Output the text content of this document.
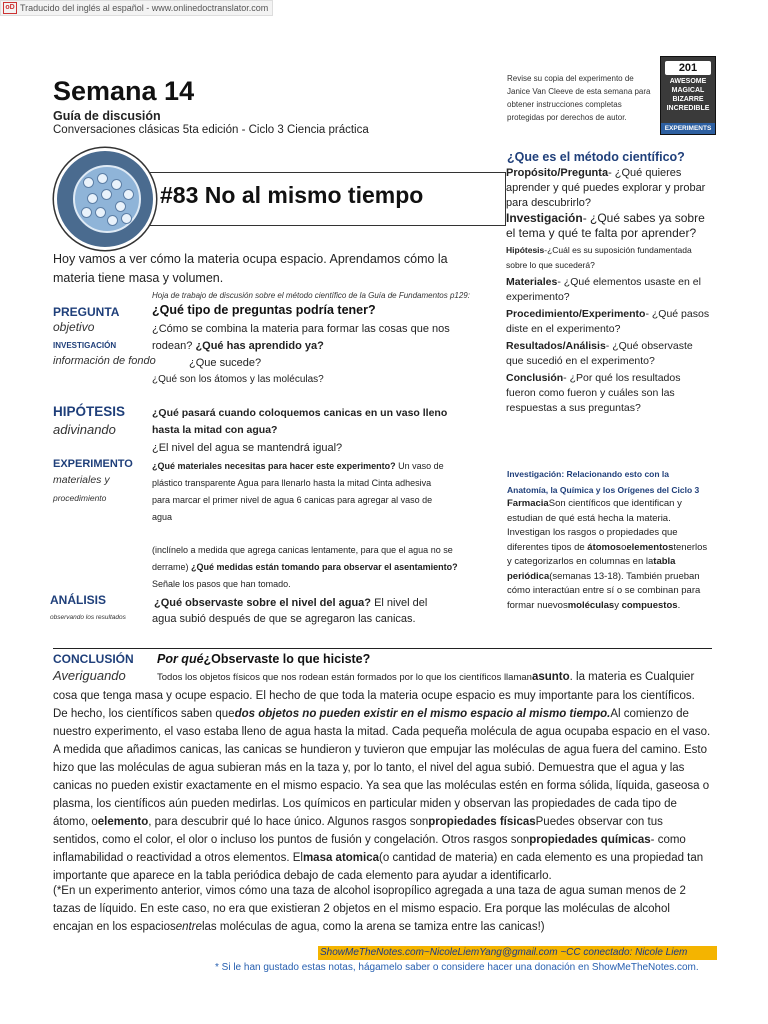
oD Traducido del inglés al español - www.onlinedoctranslator.com
Semana 14
Guía de discusión
Conversaciones clásicas 5ta edición - Ciclo 3 Ciencia práctica
#83 No al mismo tiempo
Revise su copia del experimento de Janice Van Cleeve de esta semana para obtener instrucciones completas protegidas por derechos de autor.
201
AWESOME MAGICAL BIZARRE INCREDIBLE
EXPERIMENTS
Hoy vamos a ver cómo la materia ocupa espacio. Aprendamos cómo la materia tiene masa y volumen.
Hoja de trabajo de discusión sobre el método científico de la Guía de Fundamentos p129:
PREGUNTA
objetivo
INVESTIGACIÓN
información de fondo
¿Qué tipo de preguntas podría tener?
¿Cómo se combina la materia para formar las cosas que nos
rodean? ¿Qué has aprendido ya?
¿Que sucede?
¿Qué son los átomos y las moléculas?
HIPÓTESIS
adivinando
¿Qué pasará cuando coloquemos canicas en un vaso lleno
hasta la mitad con agua?
¿El nivel del agua se mantendrá igual?
EXPERIMENTO
materiales y
procedimiento
¿Qué materiales necesitas para hacer este experimento? Un vaso de
plástico transparente Agua para llenarlo hasta la mitad Cinta adhesiva
para marcar el primer nivel de agua 6 canicas para agregar al vaso de
agua
(inclínelo a medida que agrega canicas lentamente, para que el agua no se
derrame) ¿Qué medidas están tomando para observar el asentamiento?
Señale los pasos que han tomado.
ANÁLISIS
observando los resultados
¿Qué observaste sobre el nivel del agua? El nivel del
agua subió después de que se agregaron las canicas.
¿Que es el método científico?

Propósito/Pregunta- ¿Qué quieres aprender y qué puedes explorar y probar para descubrirlo?

Investigación- ¿Qué sabes ya sobre el tema y qué te falta por aprender?

Hipótesis-¿Cuál es su suposición fundamentada sobre lo que sucederá?

Materiales- ¿Qué elementos usaste en el experimento?

Procedimiento/Experimento- ¿Qué pasos diste en el experimento?

Resultados/Análisis- ¿Qué observaste que sucedió en el experimento?

Conclusión- ¿Por qué los resultados fueron como fueron y cuáles son las respuestas a sus preguntas?

Investigación: Relacionando esto con la Anatomía, la Química y los Orígenes del Ciclo 3
FarmaciaSon científicos que identifican y estudian de qué está hecha la materia. Investigan los rasgos o propiedades que diferentes tipos de átomosoelementostenerlos y categorizarlos en columnas en latabla periódica(semanas 13-18). También prueban cómo interactúan entre sí o se combinan para formar nuevosmoléculasy compuestos.
CONCLUSIÓN
Averiguando
Por qué¿Observaste lo que hiciste?
Todos los objetos físicos que nos rodean están formados por lo que los científicos llamanasunto. la materia es Cualquier cosa que tenga masa y ocupe espacio. El hecho de que toda la materia ocupe espacio es muy importante para los científicos. De hecho, los científicos saben quedos objetos no pueden existir en el mismo espacio al mismo tiempo.Al comienzo de nuestro experimento, el vaso estaba lleno de agua hasta la mitad. Cada pequeña molécula de agua ocupaba espacio en el vaso. A medida que añadimos canicas, las canicas se hundieron y tuvieron que empujar las moléculas de agua fuera del camino. Esto hizo que las moléculas de agua subieran más en la taza y, por lo tanto, el nivel del agua subió. Demuestra que el agua y las canicas no pueden existir exactamente en el mismo espacio. Ya sea que las moléculas estén en forma sólida, líquida, gaseosa o plasma, los científicos aún pueden medirlas. Los químicos en particular miden y observan las propiedades de cada tipo de átomo, oelemento, para descubrir qué lo hace único. Algunos rasgos sonpropiedades físicasPuedes observar con tus sentidos, como el color, el olor o incluso los puntos de fusión y congelación. Otros rasgos sonpropiedades químicas- como inflamabilidad o reactividad a otros elementos. Elmasa atomica(o cantidad de materia) en cada elemento es una propiedad tan importante que aparece en la tabla periódica debajo de cada elemento para ayudar a identificarlo.
(*En un experimento anterior, vimos cómo una taza de alcohol isopropílico agregada a una taza de agua suman menos de 2 tazas de líquido. En este caso, no era que existieran 2 objetos en el mismo espacio. Era porque las moléculas de alcohol encajan en los espaciosentrelas moléculas de agua, como la arena se tamiza entre las canicas!)
ShowMeTheNotes.com~NicoleLiemYang@gmail.com ~CC conectado: Nicole Liem
* Si le han gustado estas notas, hágamelo saber o considere hacer una donación en ShowMeTheNotes.com.
